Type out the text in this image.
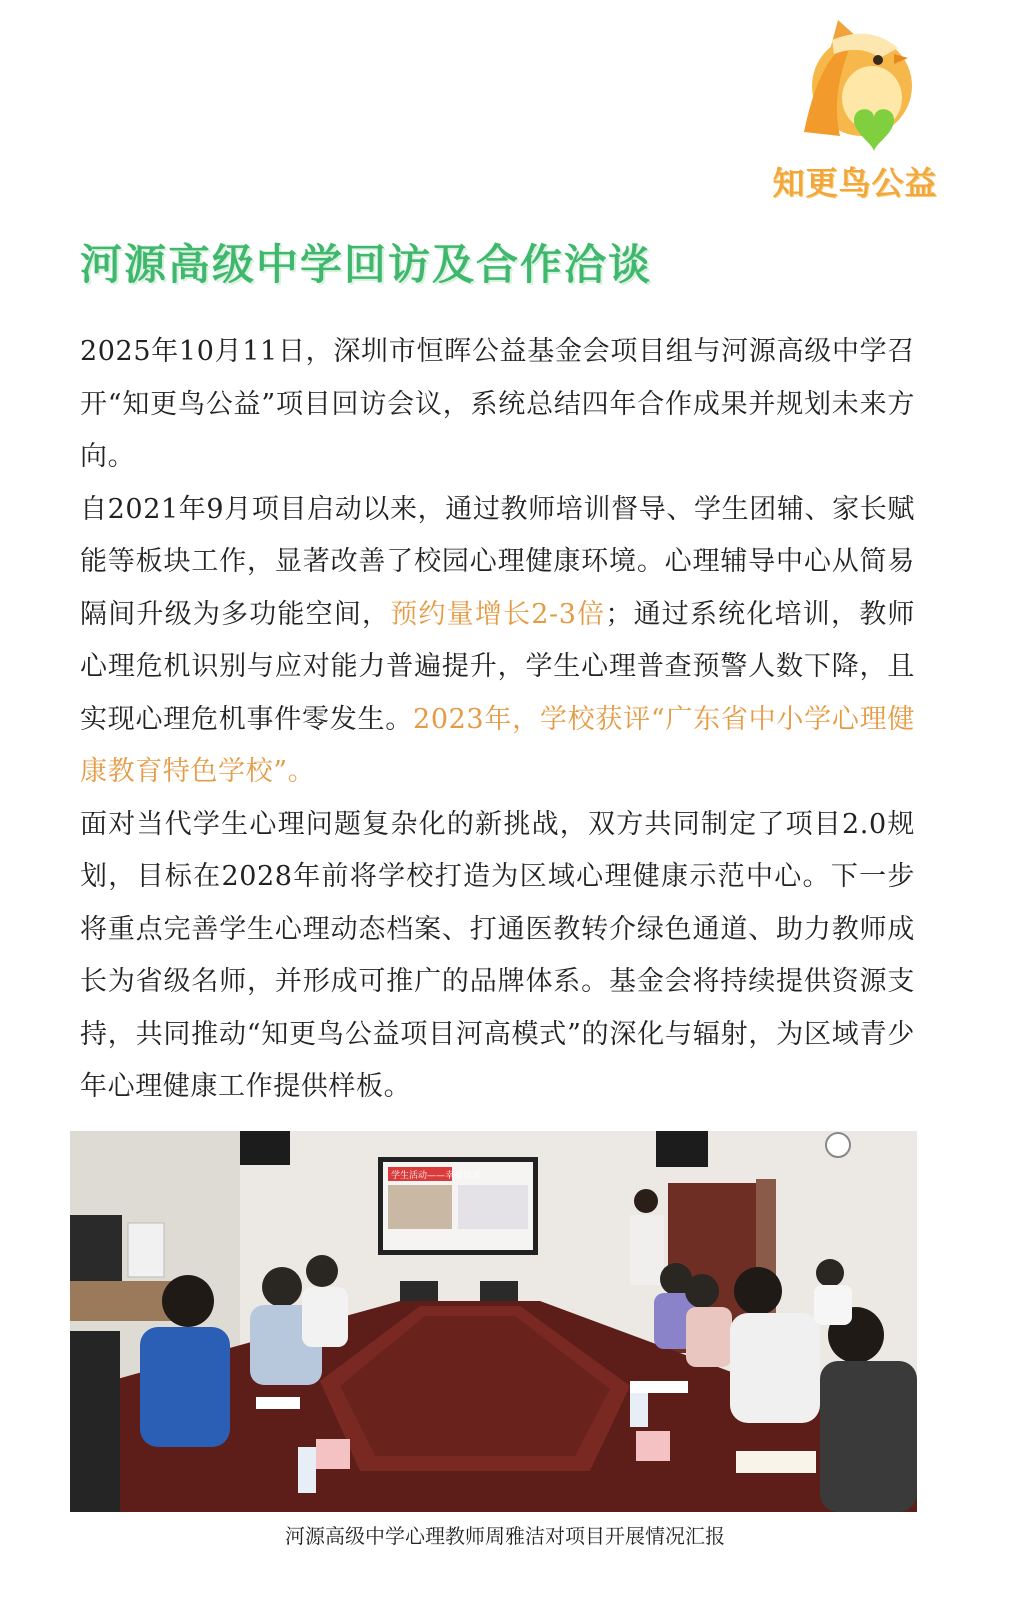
知更鸟公益
河源高级中学回访及合作洽谈

2025年10月11日，深圳市恒晖公益基金会项目组与河源高级中学召开“知更鸟公益”项目回访会议，系统总结四年合作成果并规划未来方向。

自2021年9月项目启动以来，通过教师培训督导、学生团辅、家长赋能等板块工作，显著改善了校园心理健康环境。心理辅导中心从简易隔间升级为多功能空间，预约量增长2-3倍；通过系统化培训，教师心理危机识别与应对能力普遍提升，学生心理普查预警人数下降，且实现心理危机事件零发生。2023年，学校获评“广东省中小学心理健康教育特色学校”。

面对当代学生心理问题复杂化的新挑战，双方共同制定了项目2.0规划，目标在2028年前将学校打造为区域心理健康示范中心。下一步将重点完善学生心理动态档案、打通医教转介绿色通道、助力教师成长为省级名师，并形成可推广的品牌体系。基金会将持续提供资源支持，共同推动“知更鸟公益项目河高模式”的深化与辐射，为区域青少年心理健康工作提供样板。

学生活动——幸福快递
河源高级中学心理教师周雅洁对项目开展情况汇报
